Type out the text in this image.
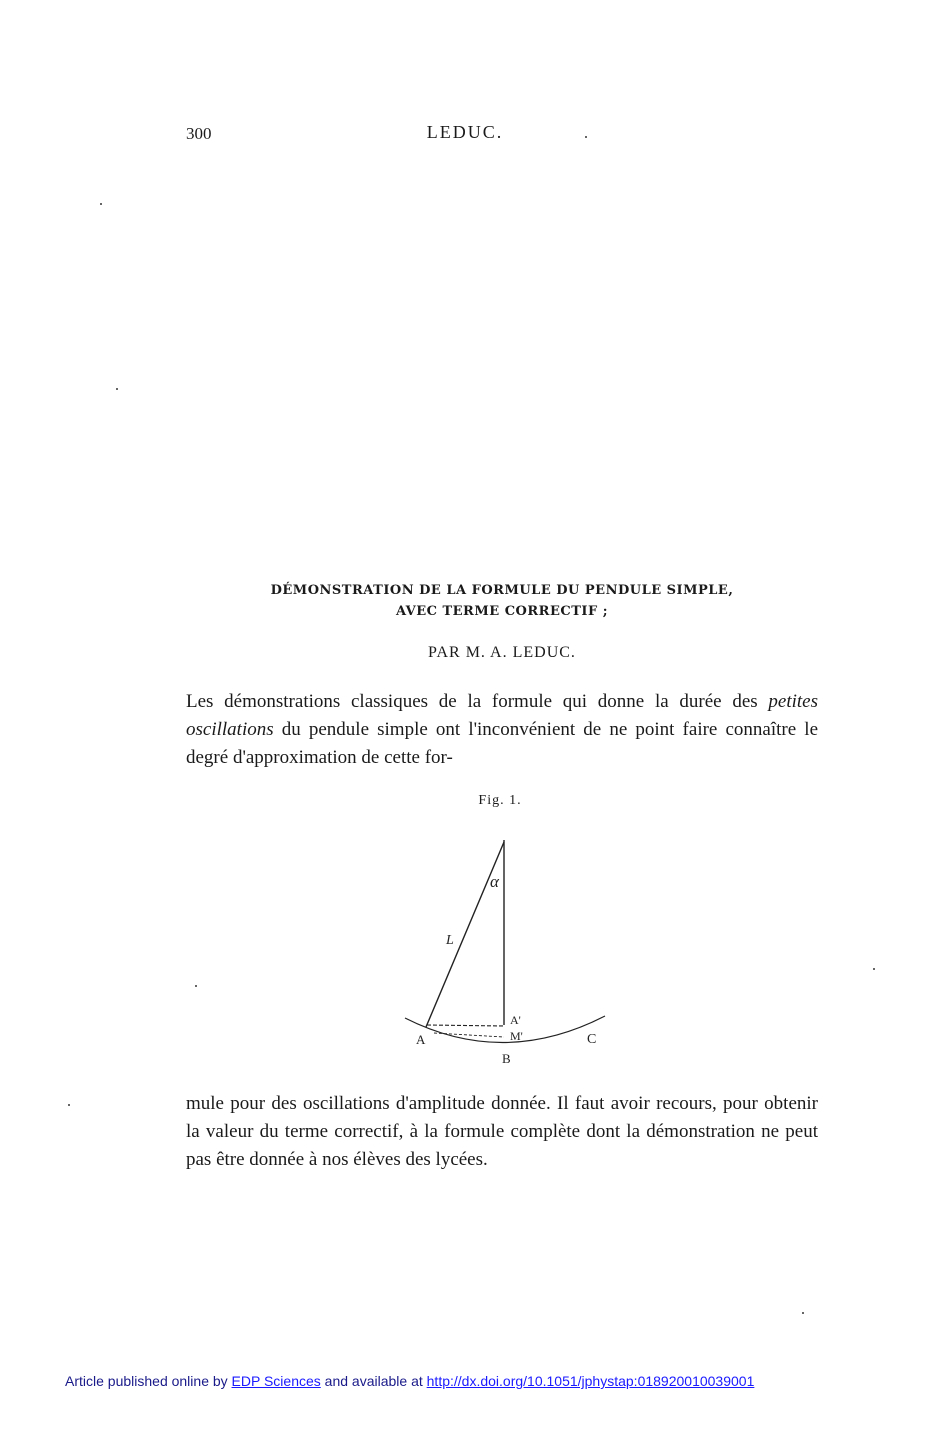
300	LEDUC.
DÉMONSTRATION DE LA FORMULE DU PENDULE SIMPLE,
AVEC TERME CORRECTIF ;
PAR M. A. LEDUC.
Les démonstrations classiques de la formule qui donne la durée des petites oscillations du pendule simple ont l'inconvénient de ne point faire connaître le degré d'approximation de cette for-
Fig. 1.
α
L
A
A'
M'
B
C
mule pour des oscillations d'amplitude donnée. Il faut avoir recours, pour obtenir la valeur du terme correctif, à la formule complète dont la démonstration ne peut pas être donnée à nos élèves des lycées.
Article published online by EDP Sciences and available at http://dx.doi.org/10.1051/jphystap:018920010039001
